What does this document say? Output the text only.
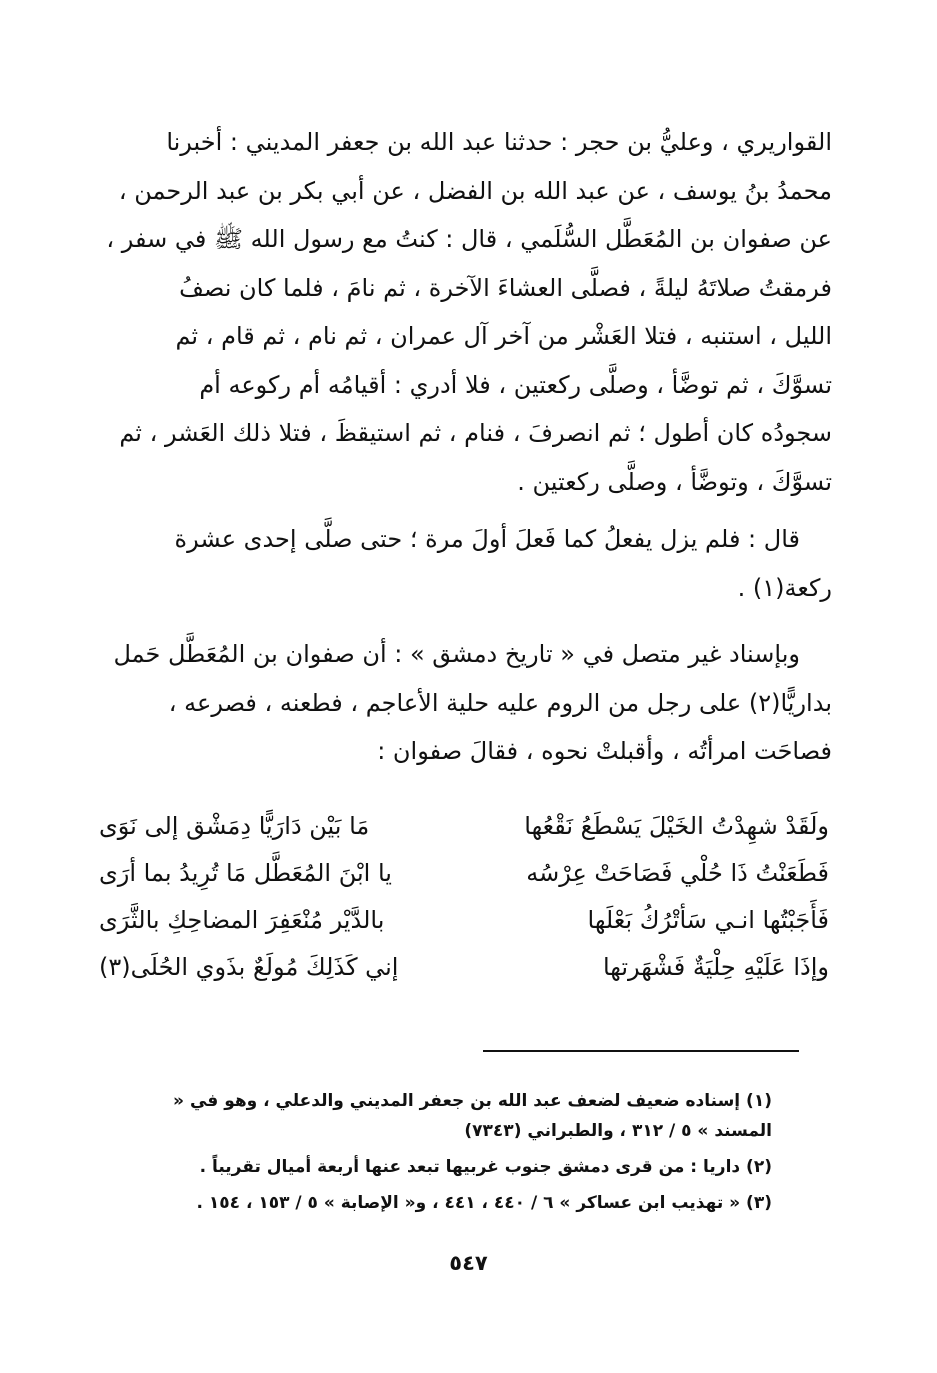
القواريري ، وعليُّ بن حجر : حدثنا عبد الله بن جعفر المديني : أخبرنا

محمدُ بنُ يوسف ، عن عبد الله بن الفضل ، عن أبي بكر بن عبد الرحمن ،

عن صفوان بن المُعَطَّل السُّلَمي ، قال : كنتُ مع رسول الله ﷺ في سفر ،

فرمقتُ صلاتَهُ ليلةً ، فصلَّى العشاءَ الآخرة ، ثم نامَ ، فلما كان نصفُ

الليل ، استنبه ، فتلا العَشْر من آخر آل عمران ، ثم نام ، ثم قام ، ثم

تسوَّكَ ، ثم توضَّأ ، وصلَّى ركعتين ، فلا أدري : أقيامُه أم ركوعه أم

سجودُه كان أطول ؛ ثم انصرفَ ، فنام ، ثم استيقظَ ، فتلا ذلك العَشر ، ثم

تسوَّكَ ، وتوضَّأ ، وصلَّى ركعتين .

قال : فلم يزل يفعلُ كما فَعلَ أولَ مرة ؛ حتى صلَّى إحدى عشرة

ركعة(١) .

وبإسناد غير متصل في « تاريخ دمشق » : أن صفوان بن المُعَطَّل حَمل

بداريًّا(٢) على رجل من الروم عليه حلية الأعاجم ، فطعنه ، فصرعه ،

فصاحَت امرأتُه ، وأقبلتْ نحوه ، فقالَ صفوان :

ولَقَدْ شهِدْتُ الخَيْلَ يَسْطَعُ نَقْعُها
مَا بَيْن دَارَيًّا دِمَشْق إلى نَوَى
فَطَعَنْتُ ذَا حُلْي فَصَاحَتْ عِرْسُه
يا ابْنَ المُعَطَّل مَا تُرِيدُ بما أرَى
فَأَجَبْتُها انـي سَأتْرُكُ بَعْلَها
بالدَّيْر مُنْعَفِرَ المضاحِكِ بالثَّرَى
وإذَا عَلَيْهِ حِلْيَةٌ فَشْهَرتها
إني كَذَلِكَ مُولَعٌ بذَوي الحُلَى(٣)

(١) إسناده ضعيف لضعف عبد الله بن جعفر المديني والدعلي ، وهو في « المسند » ٥ / ٣١٢ ، والطبراني (٧٣٤٣)

(٢) داريا : من قرى دمشق جنوب غربيها تبعد عنها أربعة أميال تقريباً .

(٣) « تهذيب ابن عساكر » ٦ / ٤٤٠ ، ٤٤١ ، و« الإصابة » ٥ / ١٥٣ ، ١٥٤ .

٥٤٧
